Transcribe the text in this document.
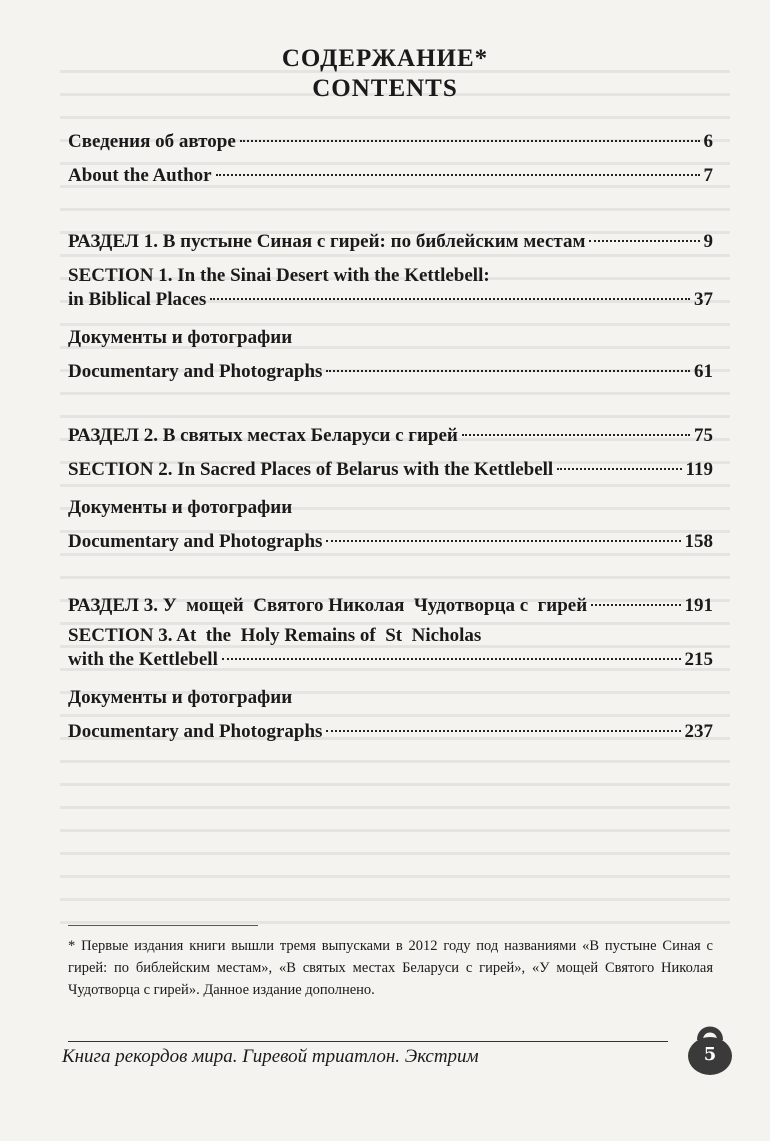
СОДЕРЖАНИЕ*
CONTENTS
Сведения об авторе	6
About the Author	7
РАЗДЕЛ 1. В пустыне Синая с гирей: по библейским местам	9
SECTION 1. In the Sinai Desert with the Kettlebell:
in Biblical Places	37
Документы и фотографии
Documentary and Photographs	61
РАЗДЕЛ 2. В святых местах Беларуси с гирей	75
SECTION 2. In Sacred Places of Belarus with the Kettlebell	119
Документы и фотографии
Documentary and Photographs	158
РАЗДЕЛ 3. У  мощей  Святого Николая  Чудотворца с  гирей	191
SECTION 3. At  the  Holy Remains of  St  Nicholas
with the Kettlebell	215
Документы и фотографии
Documentary and Photographs	237
* Первые издания книги вышли тремя выпусками в 2012 году под названиями «В пустыне Синая с гирей: по библейским местам», «В святых местах Беларуси с гирей», «У мощей Святого Николая Чудотворца с гирей». Данное издание дополнено.
Книга рекордов мира. Гиревой триатлон. Экстрим	5
